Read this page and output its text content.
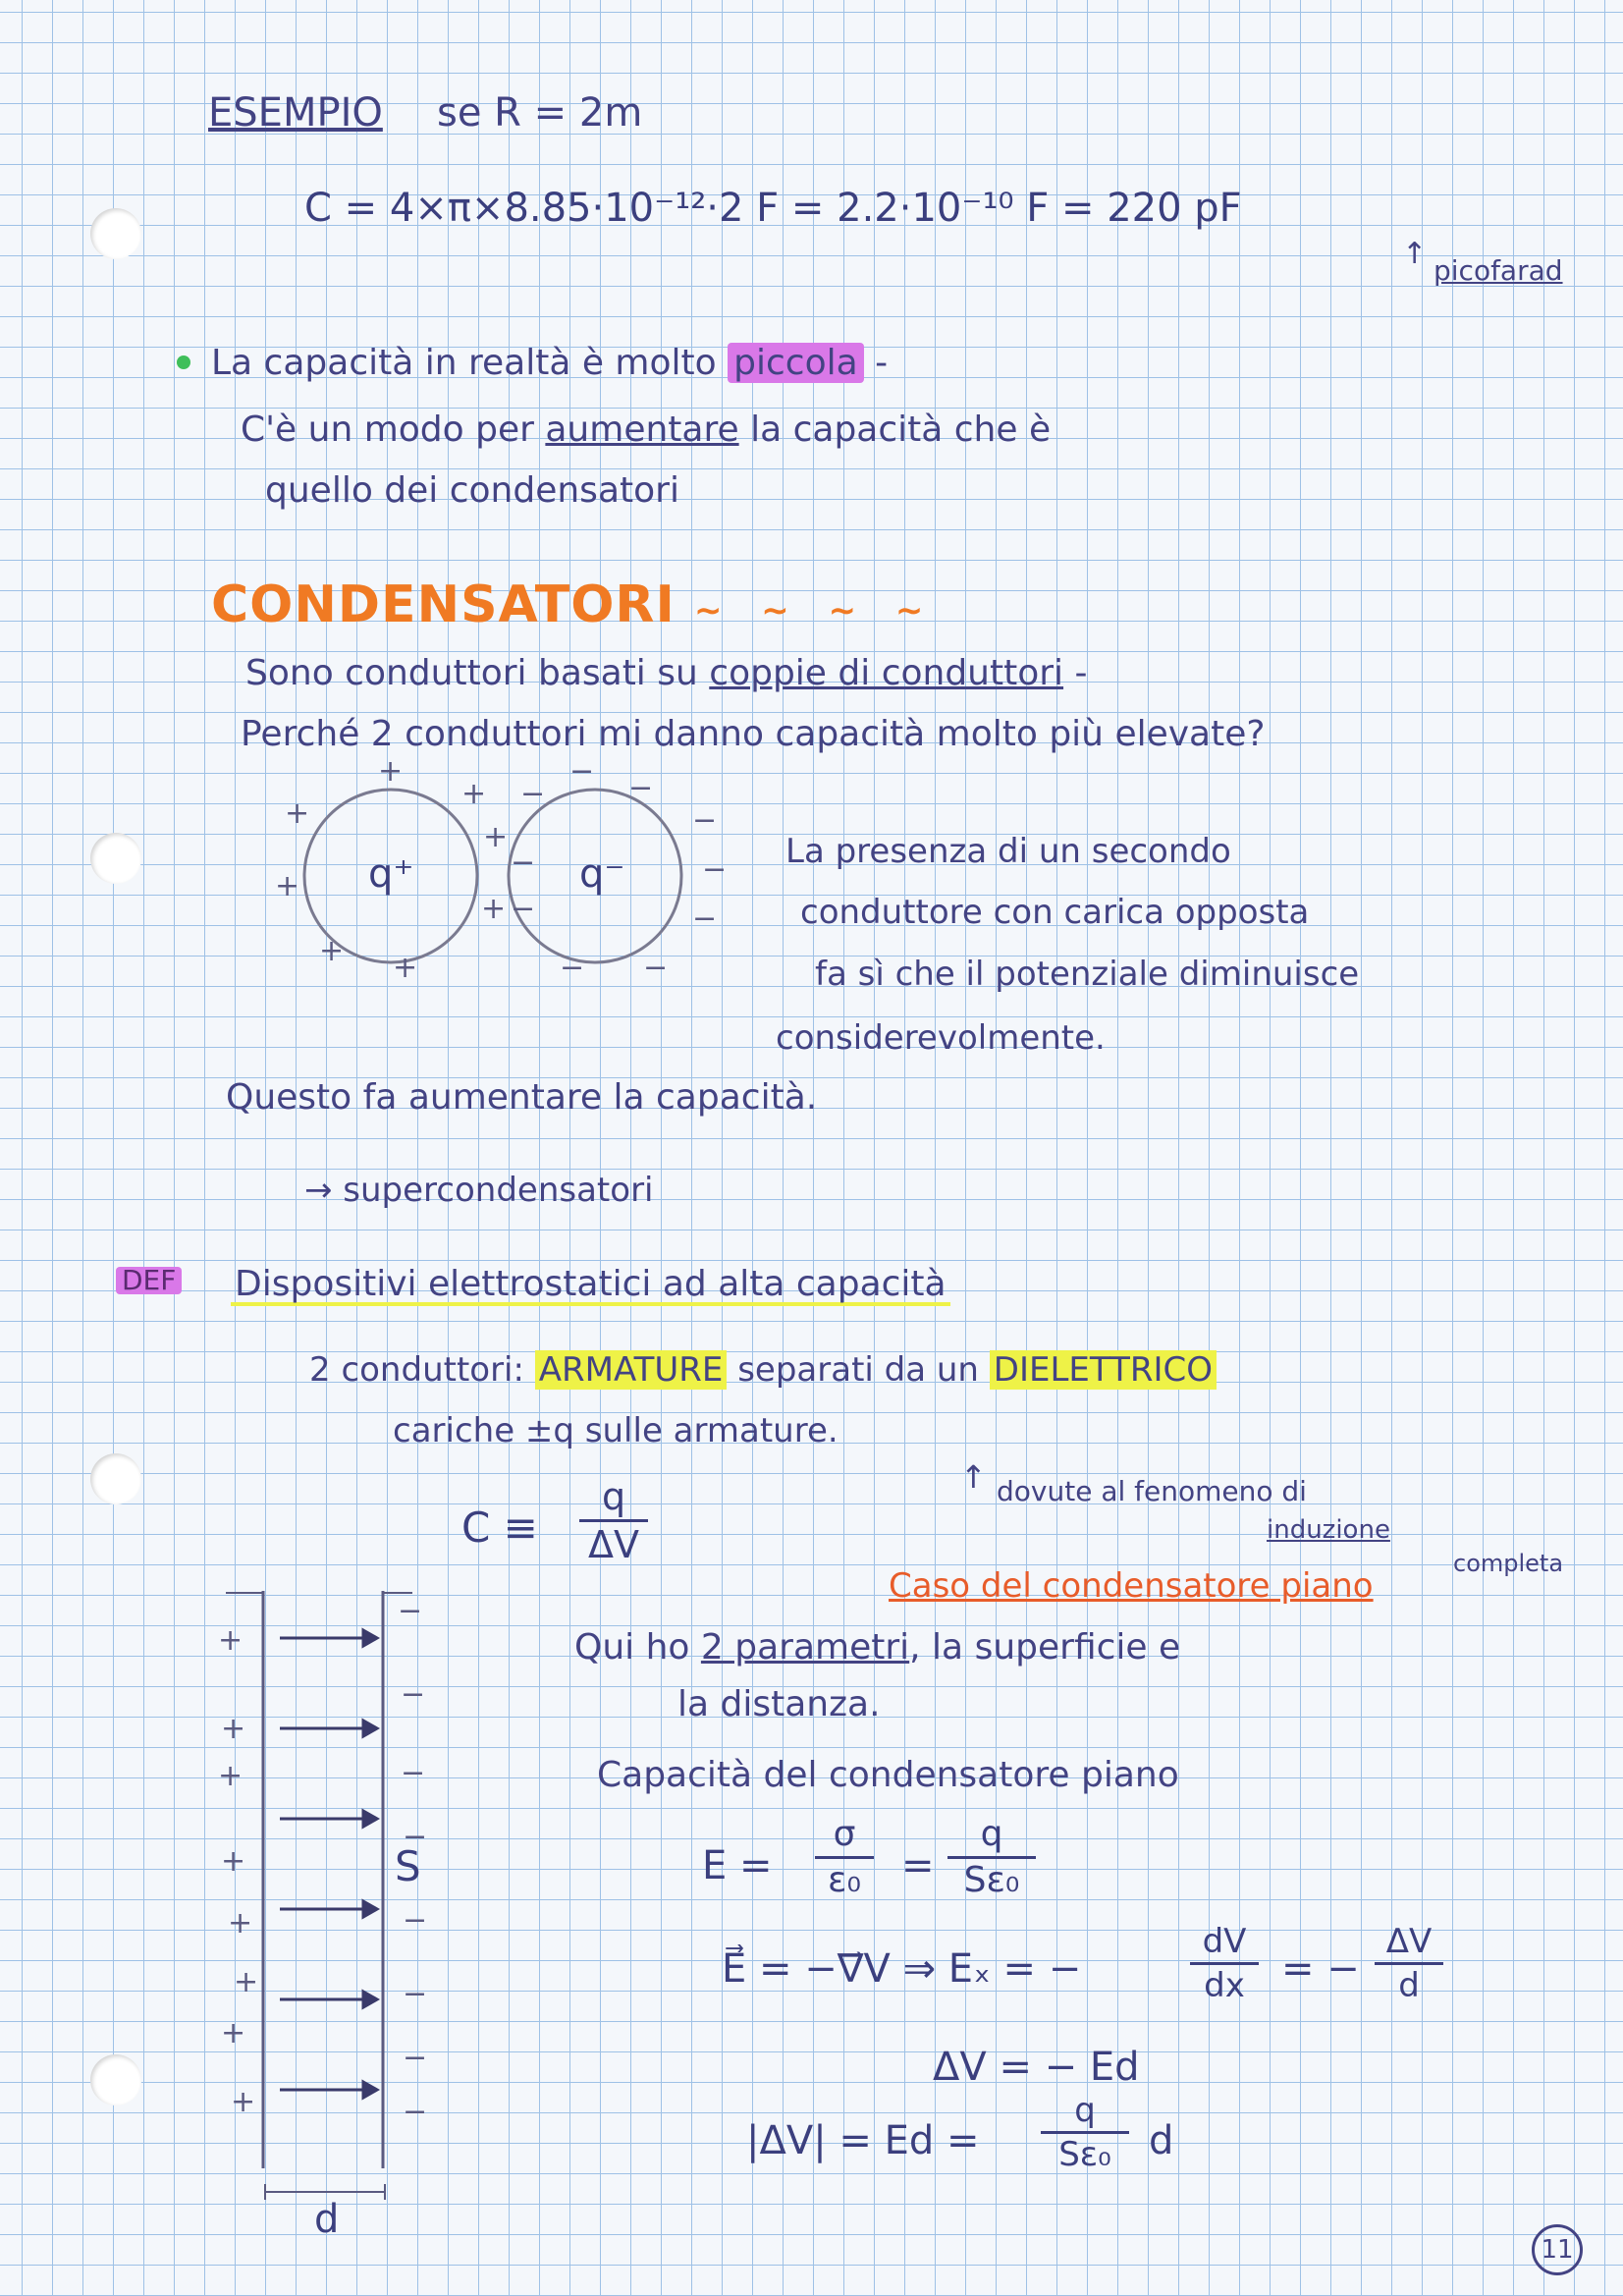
ESEMPIO se R = 2m
C = 4×π×8.85·10⁻¹²·2 F = 2.2·10⁻¹⁰ F = 220 pF
↑ picofarad
La capacità in realtà è molto piccola -
C'è un modo per aumentare la capacità che è
quello dei condensatori
CONDENSATORI ∼ ∼ ∼ ∼
Sono conduttori basati su coppie di conduttori -
Perché 2 conduttori mi danno capacità molto più elevate?
+
+
+
+
+ +
+
+
−
− −
−
−
−
−
−
− −
q⁺	q⁻	La presenza di un secondo
conduttore con carica opposta
fa sì che il potenziale diminuisce
considerevolmente.
Questo fa aumentare la capacità.
→ supercondensatori
DEF Dispositivi elettrostatici ad alta capacità
2 conduttori: ARMATURE separati da un DIELETTRICO
cariche ±q sulle armature.
↑ dovute al fenomeno di
induzione
completa
C ≡
q
ΔV
Caso del condensatore piano
Qui ho 2 parametri, la superficie e
la distanza.
Capacità del condensatore piano
+
+
+
+
+
+
+
+
−
−
−
−
−
−
−
−
S
d
E =
σ
ε₀	=
q
Sε₀
E⃗ = −∇⃗V ⇒ Eₓ = −
dV
dx = −
ΔV
d
ΔV = − Ed
|ΔV| = Ed =
q
Sε₀ d
11
